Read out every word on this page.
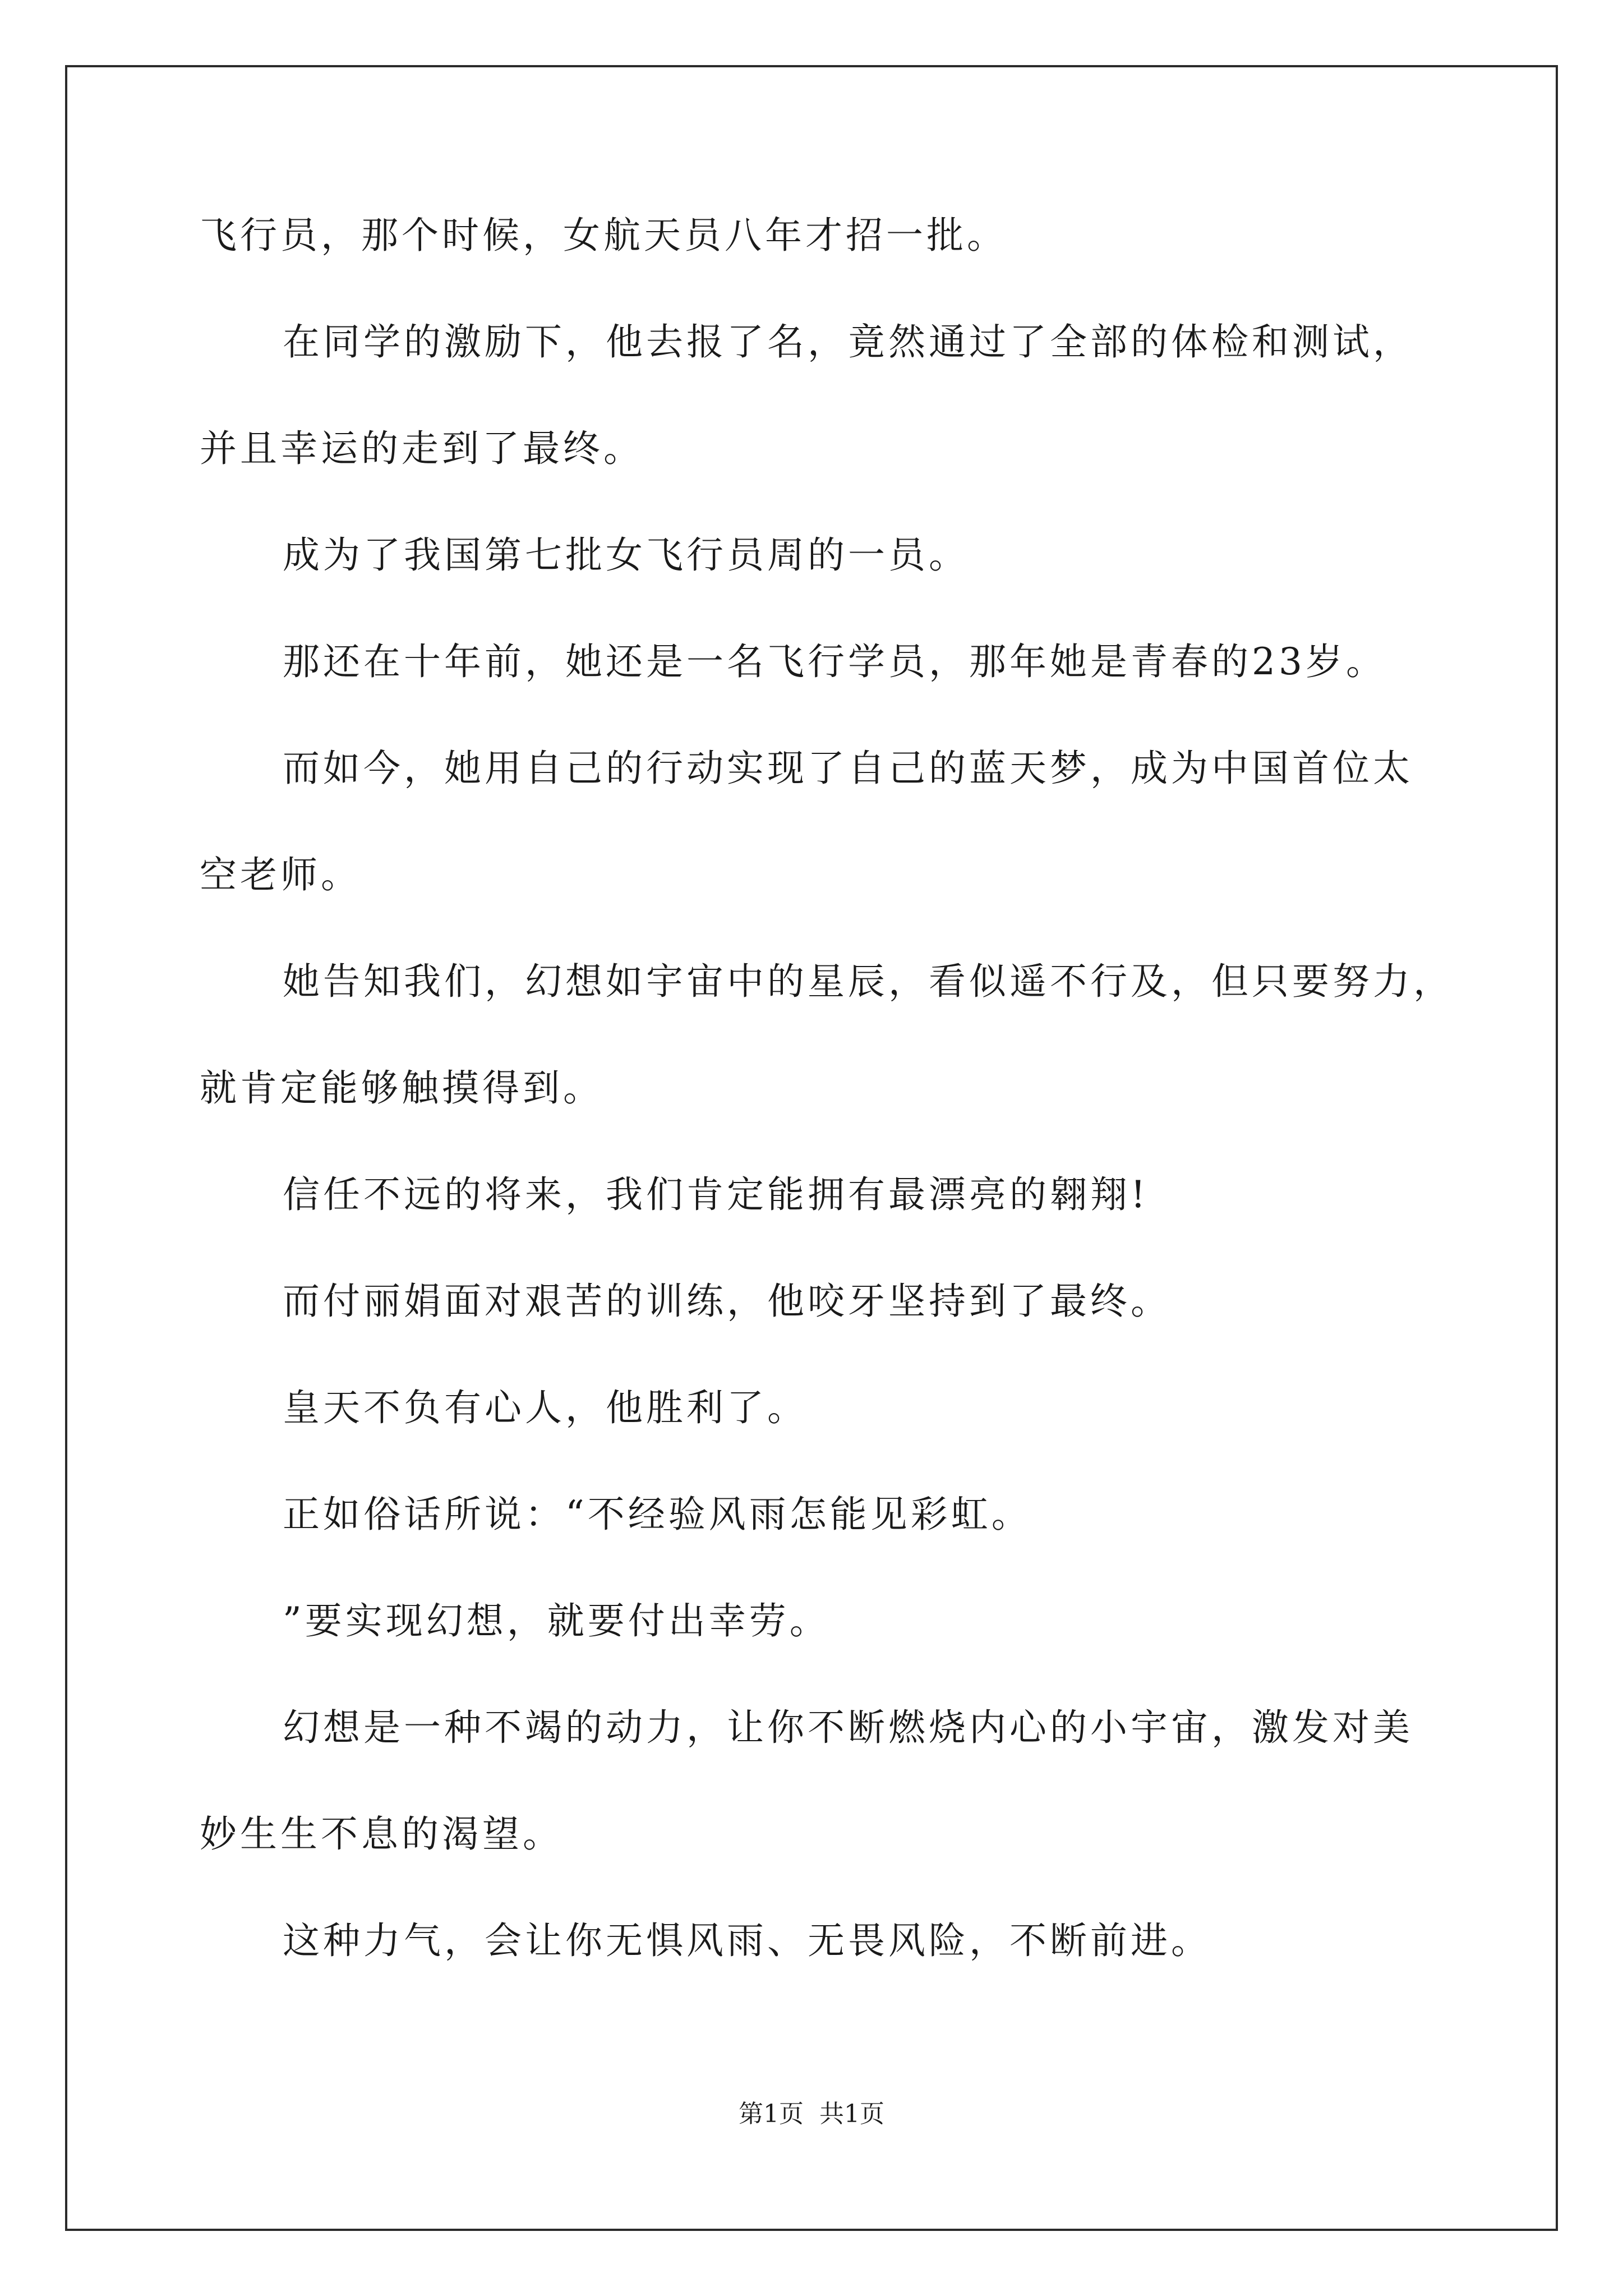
飞行员，那个时候，女航天员八年才招一批。
在同学的激励下，他去报了名，竟然通过了全部的体检和测试，
并且幸运的走到了最终。
成为了我国第七批女飞行员周的一员。
那还在十年前，她还是一名飞行学员，那年她是青春的23岁。
而如今，她用自己的行动实现了自己的蓝天梦，成为中国首位太
空老师。
她告知我们，幻想如宇宙中的星辰，看似遥不行及，但只要努力，
就肯定能够触摸得到。
信任不远的将来，我们肯定能拥有最漂亮的翱翔!
而付丽娟面对艰苦的训练，他咬牙坚持到了最终。
皇天不负有心人，他胜利了。
正如俗话所说：“不经验风雨怎能见彩虹。
”要实现幻想，就要付出幸劳。
幻想是一种不竭的动力，让你不断燃烧内心的小宇宙，激发对美
妙生生不息的渴望。
这种力气，会让你无惧风雨、无畏风险，不断前进。
第1页 共1页
